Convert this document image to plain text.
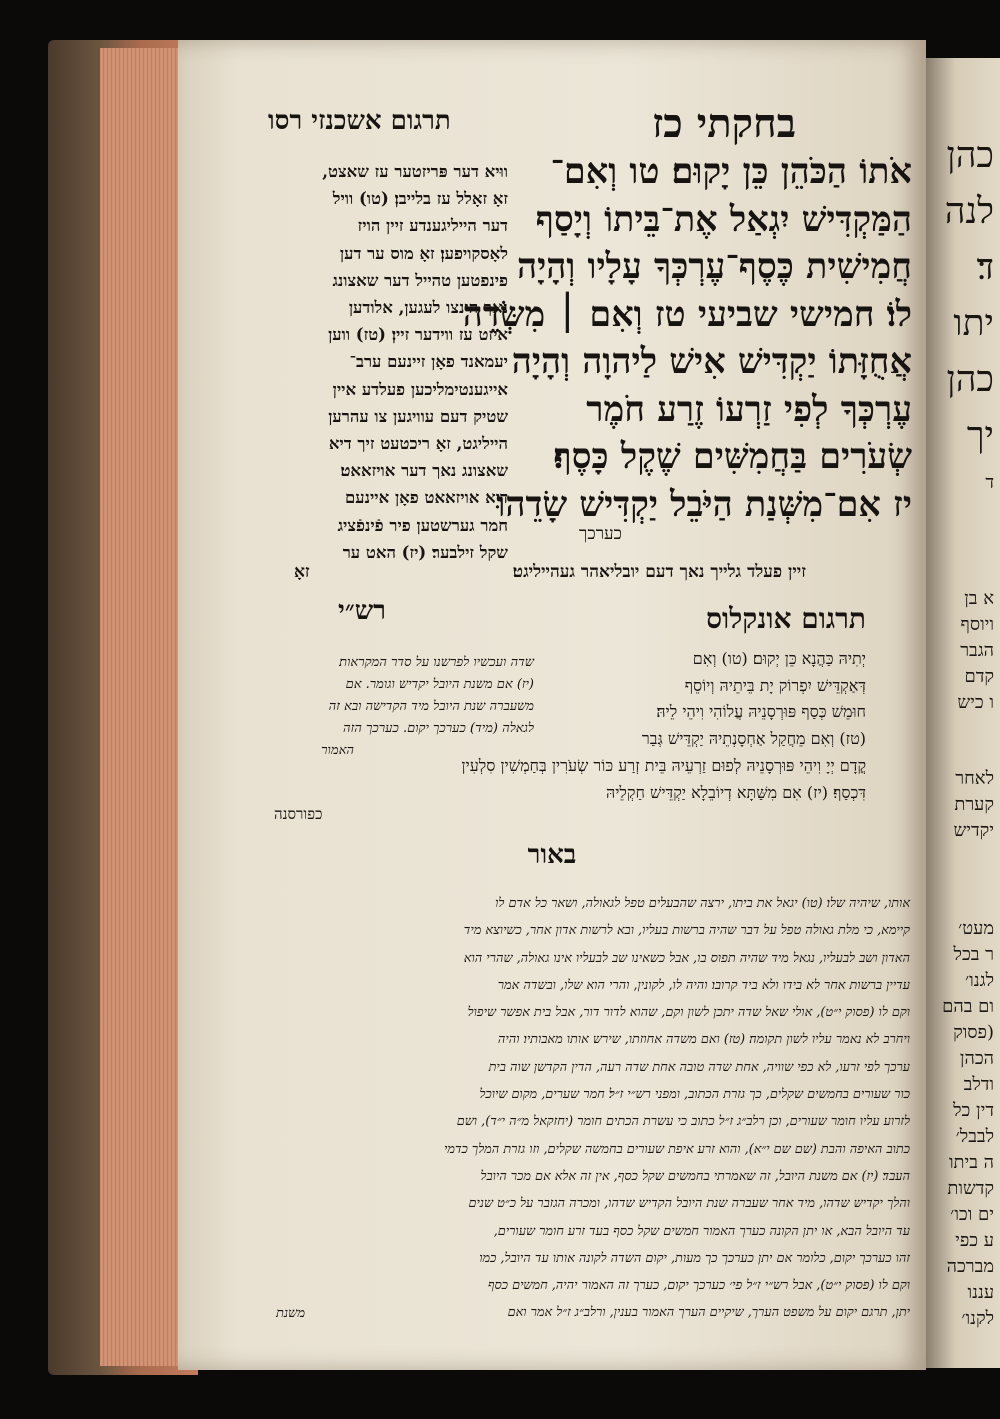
בחקתי כז
תרגום אשכנזי רסו
אֹתוֹ הַכֹּהֵן כֵּן יָקוּם׃ טו וְאִם־
הַמַּקְדִּישׁ יִגְאַל אֶת־בֵּיתוֹ וְיָסַף
חֲמִישִׁית כֶּסֶף־עֶרְכְּךָ עָלָיו וְהָיָה
לוֹ׃ חמישי שביעי טז וְאִם ׀ מִשְּׂדֵה
אֲחֻזָּתוֹ יַקְדִּישׁ אִישׁ לַיהוָה וְהָיָה
עֶרְכְּךָ לְפִי זַרְעוֹ זֶרַע חֹמֶר
שְׂעֹרִים בַּחֲמִשִּׁים שֶׁקֶל כָּסֶף׃
יז אִם־מִשְּׁנַת הַיֹּבֵל יַקְדִּישׁ שָׂדֵהוּ
כערכך
ווּיא דער פּריזטער עז שאצט,
זאָ זאָלל עז בלייבן׃ (טו) וויל
דער הייליגענדע זיין הויז
לאָסקויפען׃ זאָ מוס ער דען
פינפטען טהייל דער שאצונג
נאך הינצו לעגען, אלודען
איזט עז ווידער זיין׃ (טז) ווען
יעמאנד פאָן זיינעם ערב־
אייגענטימליכען פעלדע איין
שטיק דעם עוויגען צו עהרען
הייליגט, זאָ ריכטעט זיך דיא
שאצונג נאך דער אויזאאט׃
דיא אויזאאט פאָן איינעם
חמר גערשטען פיר פֿינפֿציג
שקל זילבער׃ (יז) האט ער
זיין פעלד גלייך נאך דעם יובליאהר געהייליגט׃
זאָ
תרגום אונקלוס
רש״י
יְתִיהּ כַּהֲנָא כֵּן יְקוּם׃ (טו) וְאִם
דְּאַקְדֵּישׁ יִפְרוֹק יָת בֵּיתֵיהּ וְיוֹסֵף
חוּמֵשׁ כְּסַף פּוּרְסָנֵיהּ עֲלוֹהִי וִיהֵי לֵיהּ׃
(טז) וְאִם מֵחֲקַל אַחְסָנְתֵיהּ יַקְדֵּישׁ גְּבַר
שדה ועכשיו לפרשנו על סדר המקראות׃
(יז) אם משנת היובל יקדיש וגומר. אם
משעברה שנת היובל מיד הקדישה ובא זה
לגאלה (מיד)׃ כערכך יקום. כערכך הזה
האמור
קֳדָם יְיָ וִיהֵי פּוּרְסָנֵיהּ לְפוּם זַרְעֵיהּ בֵּית זְרַע כּוֹר שְׂעֹרִין בְּחַמְשִׁין סִלְעִין
דִּכְסַף׃ (יז) אִם מִשַּׁתָּא דְיוֹבֵלָא יַקְדֵּישׁ חַקְלֵיהּ
כפורסנה
באור
אותו, שיהיה שלו׃ (טו) יגאל את ביתו, ירצה שהבעלים טפל לגאולה, ושאר כל אדם לו
קיימא, כי מלת גאולה טפל על דבר שהיה ברשות בעליו, ובא לרשות אדון אחר, כשיוצא מיד
האדון ושב לבעליו, נגאל מיד שהיה תפוס בו, אבל כשאינו שב לבעליו אינו גאולה, שהרי הוא
עדיין ברשות אחר לא בידו ולא ביד קרובו׃ והיה לו, לקונין, והרי הוא שלו, ובשדה אמר
וקם לו (פסוק י״ט), אולי שאל שדה יתכן לשון וקם, שהוא לדור דור, אבל בית אפשר שיפול
ויחרב לא נאמר עליו לשון תקומה׃ (טז) ואם משדה אחוזתו, שירש אותו מאבותיו׃ והיה
ערכך לפי זרעו, לא כפי שוויה, אחת שדה טובה אחת שדה רעה, הדין הקדשן שוה בית
כור שעורים בחמשים שקלים, כך גזרת הכתוב, ומפני רש״י ז״ל׃ חמר שערים, מקום שיוכל
לזרוע עליו חומר שעורים, וכן רלב״ג ז״ל כתוב כי עשרת הכתים חומר (יחזקאל מ״ה י״ד), ושם
כתוב האיפה והבת (שם שם י״א), והוא זרע איפת שעורים בחמשה שקלים, וזו גזרת המלך כדמי
העבד׃ (יז) אם משנת היובל, זה שאמרתי בחמשים שקל כסף, אין זה אלא אם מכר היובל
והלך יקדיש שדהו, מיד אחר שעברה שנת היובל הקדיש שדהו, ומכרה הגזבר על כ״ט שנים
עד היובל הבא, או יתן הקונה כערך האמור חמשים שקל כסף בעד זרע חומר שעורים,
זהו כערכך יקום, כלומר אם יתן כערכך כך מעות, יקום השדה לקונה אותו עד היובל, כמו
וקם לו (פסוק י״ט), אבל רש״י ז״ל פי׳ כערכך יקום, כערך זה האמור יהיה, חמשים כסף
יתן, תרגם יקום על משפט הערך, שיקיים הערך האמור בענין, ורלב״ג ז״ל אמר ואם
משנת
כהן
לנה
ד׃
יתו
כהן
יך
ד
א בן
ויוסף
הגבר
קדם
ו כיש
לאחר
קערת
יקדיש
מעט׳
ר בכל
לגנו׳
ום בהם
(פסוק
הכהן
ודלב
דין כל
לבבל׳
ה ביתו
קדשות
ים וכו׳
ע כפי
מברכה
עננו
לקנו׳
